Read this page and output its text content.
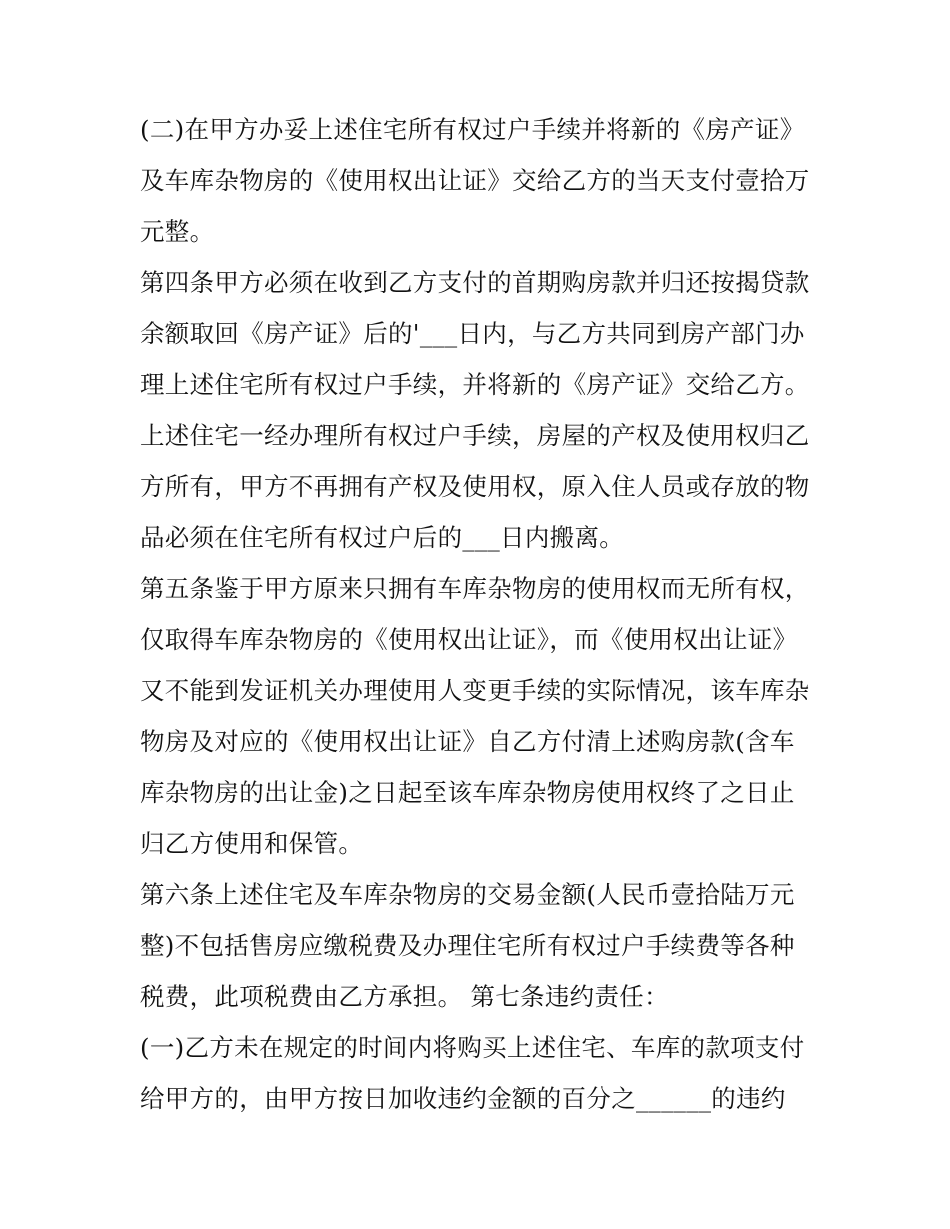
(二)在甲方办妥上述住宅所有权过户手续并将新的《房产证》
及车库杂物房的《使用权出让证》交给乙方的当天支付壹拾万
元整。
第四条甲方必须在收到乙方支付的首期购房款并归还按揭贷款
余额取回《房产证》后的'___日内，与乙方共同到房产部门办
理上述住宅所有权过户手续，并将新的《房产证》交给乙方。
上述住宅一经办理所有权过户手续，房屋的产权及使用权归乙
方所有，甲方不再拥有产权及使用权，原入住人员或存放的物
品必须在住宅所有权过户后的___日内搬离。
第五条鉴于甲方原来只拥有车库杂物房的使用权而无所有权，
仅取得车库杂物房的《使用权出让证》，而《使用权出让证》
又不能到发证机关办理使用人变更手续的实际情况，该车库杂
物房及对应的《使用权出让证》自乙方付清上述购房款(含车
库杂物房的出让金)之日起至该车库杂物房使用权终了之日止
归乙方使用和保管。
第六条上述住宅及车库杂物房的交易金额(人民币壹拾陆万元
整)不包括售房应缴税费及办理住宅所有权过户手续费等各种
税费，此项税费由乙方承担。 第七条违约责任：
(一)乙方未在规定的时间内将购买上述住宅、车库的款项支付
给甲方的，由甲方按日加收违约金额的百分之______的违约
